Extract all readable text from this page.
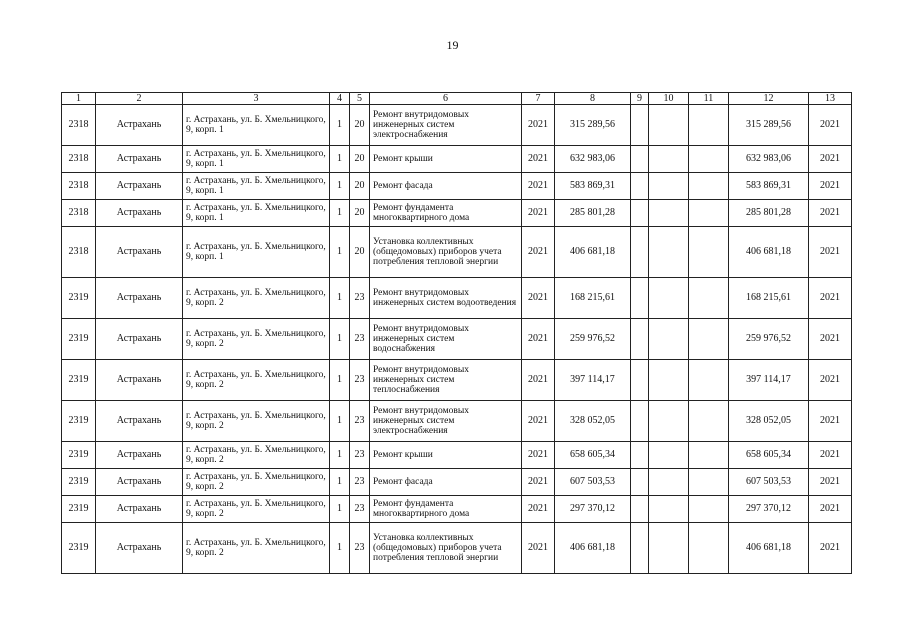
19
1	2	3	4	5	6	7	8	9	10	11	12	13
2318	Астрахань	г. Астрахань, ул. Б. Хмельницкого, 9, корп. 1	1	20	Ремонт внутридомовых инженерных систем электроснабжения	2021	315 289,56				315 289,56	2021
2318	Астрахань	г. Астрахань, ул. Б. Хмельницкого, 9, корп. 1	1	20	Ремонт крыши	2021	632 983,06				632 983,06	2021
2318	Астрахань	г. Астрахань, ул. Б. Хмельницкого, 9, корп. 1	1	20	Ремонт фасада	2021	583 869,31				583 869,31	2021
2318	Астрахань	г. Астрахань, ул. Б. Хмельницкого, 9, корп. 1	1	20	Ремонт фундамента многоквартирного дома	2021	285 801,28				285 801,28	2021
2318	Астрахань	г. Астрахань, ул. Б. Хмельницкого, 9, корп. 1	1	20	Установка коллективных (общедомовых) приборов учета потребления тепловой энергии	2021	406 681,18				406 681,18	2021
2319	Астрахань	г. Астрахань, ул. Б. Хмельницкого, 9, корп. 2	1	23	Ремонт внутридомовых инженерных систем водоотведения	2021	168 215,61				168 215,61	2021
2319	Астрахань	г. Астрахань, ул. Б. Хмельницкого, 9, корп. 2	1	23	Ремонт внутридомовых инженерных систем водоснабжения	2021	259 976,52				259 976,52	2021
2319	Астрахань	г. Астрахань, ул. Б. Хмельницкого, 9, корп. 2	1	23	Ремонт внутридомовых инженерных систем теплоснабжения	2021	397 114,17				397 114,17	2021
2319	Астрахань	г. Астрахань, ул. Б. Хмельницкого, 9, корп. 2	1	23	Ремонт внутридомовых инженерных систем электроснабжения	2021	328 052,05				328 052,05	2021
2319	Астрахань	г. Астрахань, ул. Б. Хмельницкого, 9, корп. 2	1	23	Ремонт крыши	2021	658 605,34				658 605,34	2021
2319	Астрахань	г. Астрахань, ул. Б. Хмельницкого, 9, корп. 2	1	23	Ремонт фасада	2021	607 503,53				607 503,53	2021
2319	Астрахань	г. Астрахань, ул. Б. Хмельницкого, 9, корп. 2	1	23	Ремонт фундамента многоквартирного дома	2021	297 370,12				297 370,12	2021
2319	Астрахань	г. Астрахань, ул. Б. Хмельницкого, 9, корп. 2	1	23	Установка коллективных (общедомовых) приборов учета потребления тепловой энергии	2021	406 681,18				406 681,18	2021
